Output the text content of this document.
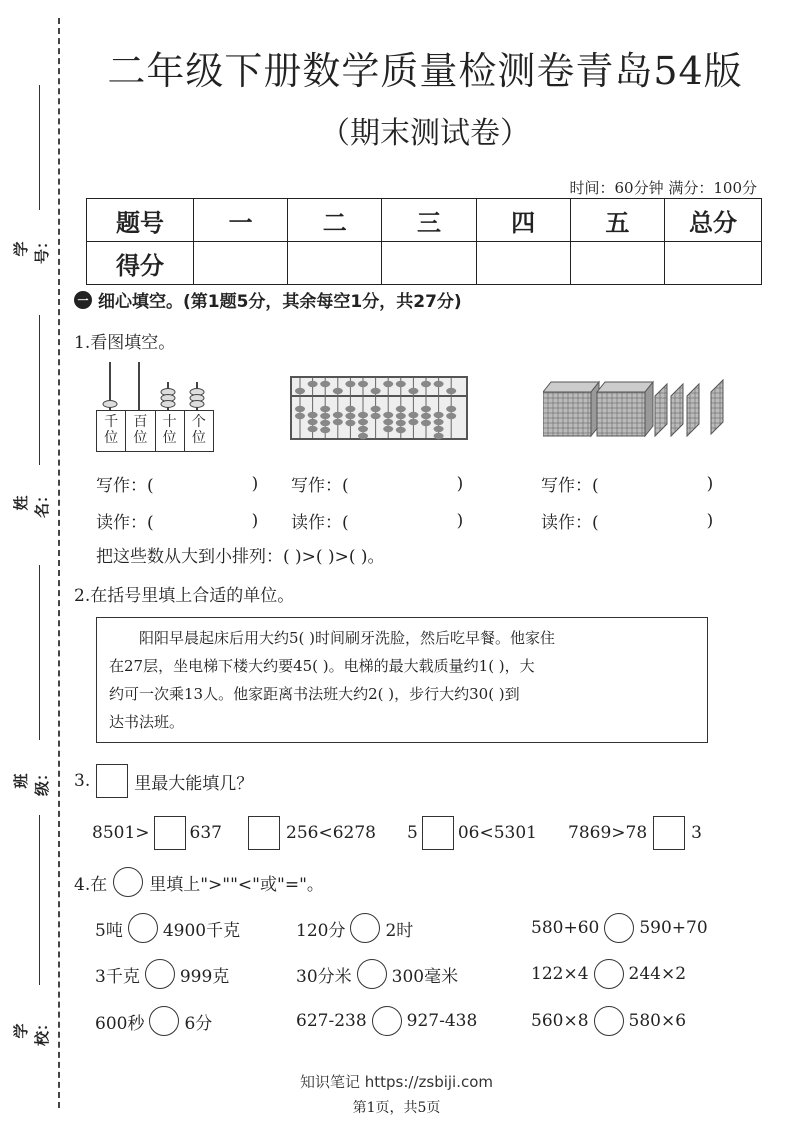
学号：
姓名：
班级：
学校：
二年级下册数学质量检测卷青岛54版
（期末测试卷）
时间：60分钟 满分：100分
题号	一	二	三	四	五	总分
得分						
一 细心填空。(第1题5分，其余每空1分，共27分)
1.看图填空。
千
位
百
位
十
位
个
位
写作：(	) 写作：(	)	写作：(	)
读作：(	) 读作：(	)	读作：(	)
把这些数从大到小排列：( )>( )>( )。
2.在括号里填上合适的单位。

阳阳早晨起床后用大约5( )时间刷牙洗脸，然后吃早餐。他家住

在27层，坐电梯下楼大约要45( )。电梯的最大载质量约1( )，大

约可一次乘13人。他家距离书法班大约2( )，步行大约30( )到

达书法班。

3.	里最大能填几？
8501> 637	256<6278 5 06<5301 7869>78	3
4.在 里填上">""<"或"="。
5吨 4900千克	120分 2时	580+60 590+70
3千克 999克	30分米 300毫米	122×4 244×2
600秒 6分	627-238 927-438	560×8 580×6
知识笔记 https://zsbiji.com
第1页，共5页
